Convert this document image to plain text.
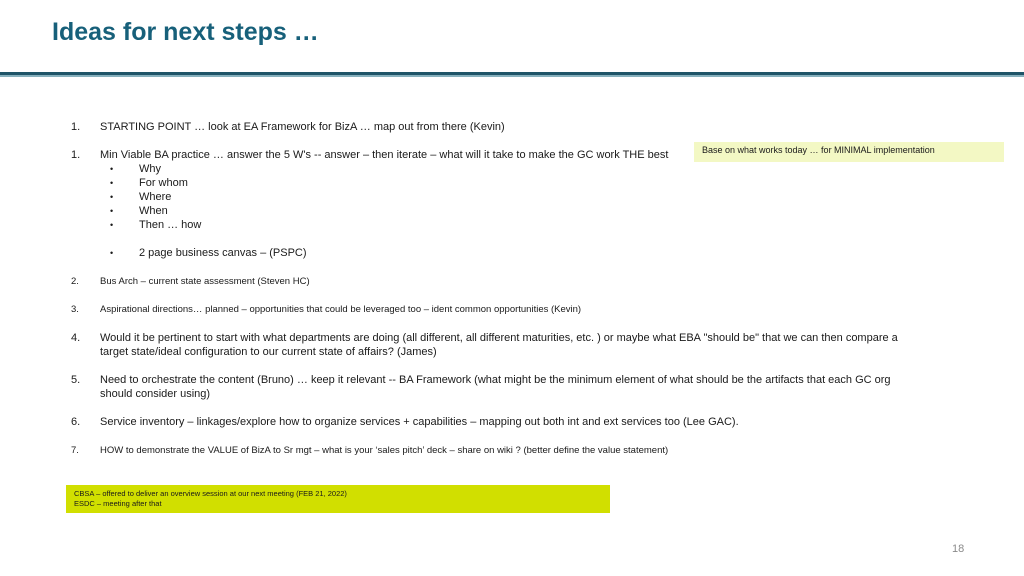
Ideas for next steps …
1. STARTING POINT … look at EA Framework for BizA … map out from there (Kevin)
1. Min Viable BA practice … answer the 5 W's -- answer – then iterate – what will it take to make the GC work THE best
• Why
• For whom
• Where
• When
• Then … how
• 2 page business canvas – (PSPC)
Base on what works today … for MINIMAL implementation
2. Bus Arch – current state assessment (Steven HC)
3. Aspirational directions… planned – opportunities that could be leveraged too – ident common opportunities (Kevin)
4. Would it be pertinent to start with what departments are doing (all different, all different maturities, etc. ) or maybe what EBA "should be" that we can then compare a
target state/ideal configuration to our current state of affairs? (James)
5. Need to orchestrate the content (Bruno) … keep it relevant -- BA Framework (what might be the minimum element of what should be the artifacts that each GC org
should consider using)
6. Service inventory – linkages/explore how to organize services + capabilities – mapping out both int and ext services too (Lee GAC).
7. HOW to demonstrate the VALUE of BizA to Sr mgt – what is your ‘sales pitch’ deck – share on wiki ? (better define the value statement)
CBSA – offered to deliver an overview session at our next meeting (FEB 21, 2022)
ESDC – meeting after that
18
